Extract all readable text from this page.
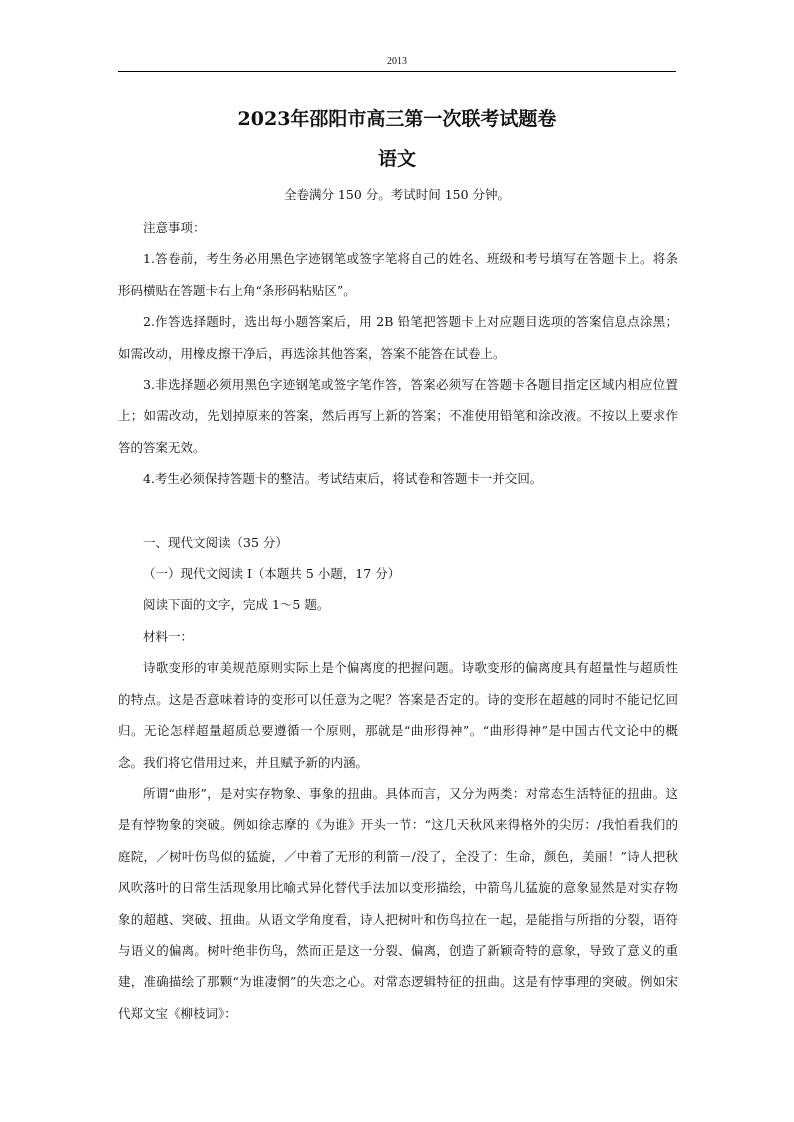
2013
2023年邵阳市高三第一次联考试题卷
语文
全卷满分 150 分。考试时间 150 分钟。

注意事项：

1.答卷前，考生务必用黑色字迹钢笔或签字笔将自己的姓名、班级和考号填写在答题卡上。将条形码横贴在答题卡右上角“条形码粘贴区”。

2.作答选择题时，选出每小题答案后，用 2B 铅笔把答题卡上对应题目选项的答案信息点涂黑；如需改动，用橡皮擦干净后，再选涂其他答案，答案不能答在试卷上。

3.非选择题必须用黑色字迹钢笔或签字笔作答，答案必须写在答题卡各题目指定区域内相应位置上；如需改动，先划掉原来的答案，然后再写上新的答案；不准使用铅笔和涂改液。不按以上要求作答的答案无效。

4.考生必须保持答题卡的整洁。考试结束后，将试卷和答题卡一并交回。

一、现代文阅读（35 分）

（一）现代文阅读 I（本题共 5 小题，17 分）

阅读下面的文字，完成 1～5 题。

材料一：

诗歌变形的审美规范原则实际上是个偏离度的把握问题。诗歌变形的偏离度具有超量性与超质性的特点。这是否意味着诗的变形可以任意为之呢？答案是否定的。诗的变形在超越的同时不能记忆回归。无论怎样超量超质总要遵循一个原则，那就是“曲形得神”。“曲形得神”是中国古代文论中的概念。我们将它借用过来，并且赋予新的内涵。

所谓“曲形”，是对实存物象、事象的扭曲。具体而言，又分为两类：对常态生活特征的扭曲。这是有悖物象的突破。例如徐志摩的《为谁》开头一节：“这几天秋风来得格外的尖厉：/我怕看我们的庭院，／树叶伤鸟似的猛旋，／中着了无形的利箭－/没了，全没了：生命，颜色，美丽！”诗人把秋风吹落叶的日常生活现象用比喻式异化替代手法加以变形描绘，中箭鸟儿猛旋的意象显然是对实存物象的超越、突破、扭曲。从语文学角度看，诗人把树叶和伤鸟拉在一起，是能指与所指的分裂，语符与语义的偏离。树叶绝非伤鸟，然而正是这一分裂、偏离，创造了新颖奇特的意象，导致了意义的重建，准确描绘了那颗“为谁凄惘”的失恋之心。对常态逻辑特征的扭曲。这是有悖事理的突破。例如宋代郑文宝《柳枝词》：
